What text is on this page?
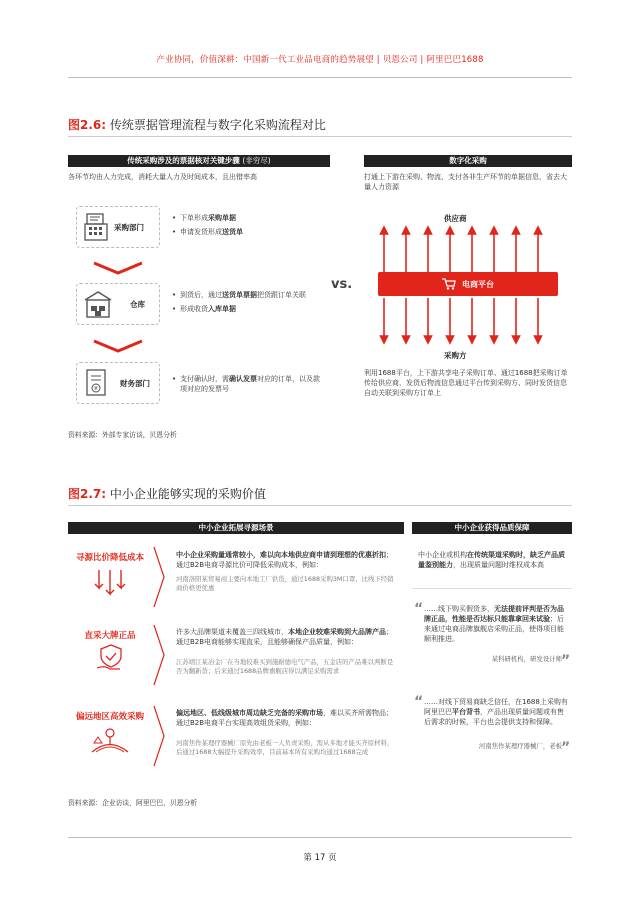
产业协同，价值深耕：中国新一代工业品电商的趋势展望 | 贝恩公司 | 阿里巴巴1688
图2.6: 传统票据管理流程与数字化采购流程对比
传统采购涉及的票据核对关键步骤 (非穷尽)
各环节均由人力完成，消耗大量人力及时间成本，且出错率高
采购部门
• 下单形成采购单据
• 申请发货形成送货单
仓库
• 到货后，通过送货单票据把货跟订单关联
• 形成收货入库单据
¥
财务部门
•	支付确认时，需确认发票对应的订单，以及款项对应的发票号
vs.
数字化采购
打通上下游在采购、物流、支付各非生产环节的单据信息，省去大量人力资源
供应商
电商平台
采购方
利用1688平台，上下游共享电子采购订单、通过1688把采购订单传给供应商，发货后物流信息通过平台传到采购方、同时发货信息自动关联到采购方订单上
资料来源：外部专家访谈，贝恩分析
图2.7: 中小企业能够实现的采购价值
中小企业拓展寻源场景	中小企业获得品质保障
寻源比价降低成本	中小企业采购量通常较小，难以向本地供应商申请到理想的优惠折扣；通过B2B电商寻源比价可降低采购成本，例如：
河南洛阳某贸易商主要向本地工厂供货，通过1688采购3M口罩，比线下经销商价格更优惠
直采大牌正品	许多大品牌渠道未覆盖三四线城市，本地企业较难采购到大品牌产品；通过B2B电商能够实现直采，且能够确保产品质量，例如：
江苏靖江某冶金厂在当地较难买到施耐德电气产品，五金店的产品难以判断是否为翻新货；后来通过1688品牌旗舰店得以满足采购需求
偏远地区高效采购	偏远地区、低线级城市周边缺乏完备的采购市场，难以买齐所需物品；通过B2B电商平台实现高效组货采购，例如：
河南焦作某理疗器械厂原先由老板一人负责采购，需从多地才能买齐原材料，后通过1688大幅提升采购效率，目前基本所有采购均通过1688完成
中小企业或机构在传统渠道采购时，缺乏产品质量鉴别能力，出现质量问题时维权成本高
“ ……线下购买假货多，无法提前评判是否为品牌正品，性能是否达标只能靠拿回来试验；后来通过电商品牌旗舰店采购正品，使得项目能顺利推进。
某科研机构，研发设计师 ”
“ ……对线下贸易商缺乏信任，在1688上采购有阿里巴巴平台背书，产品出现质量问题或有售后需求的时候，平台也会提供支持和保障。
河南焦作某理疗器械厂，老板 ”
资料来源：企业访谈，阿里巴巴，贝恩分析
第 17 页
